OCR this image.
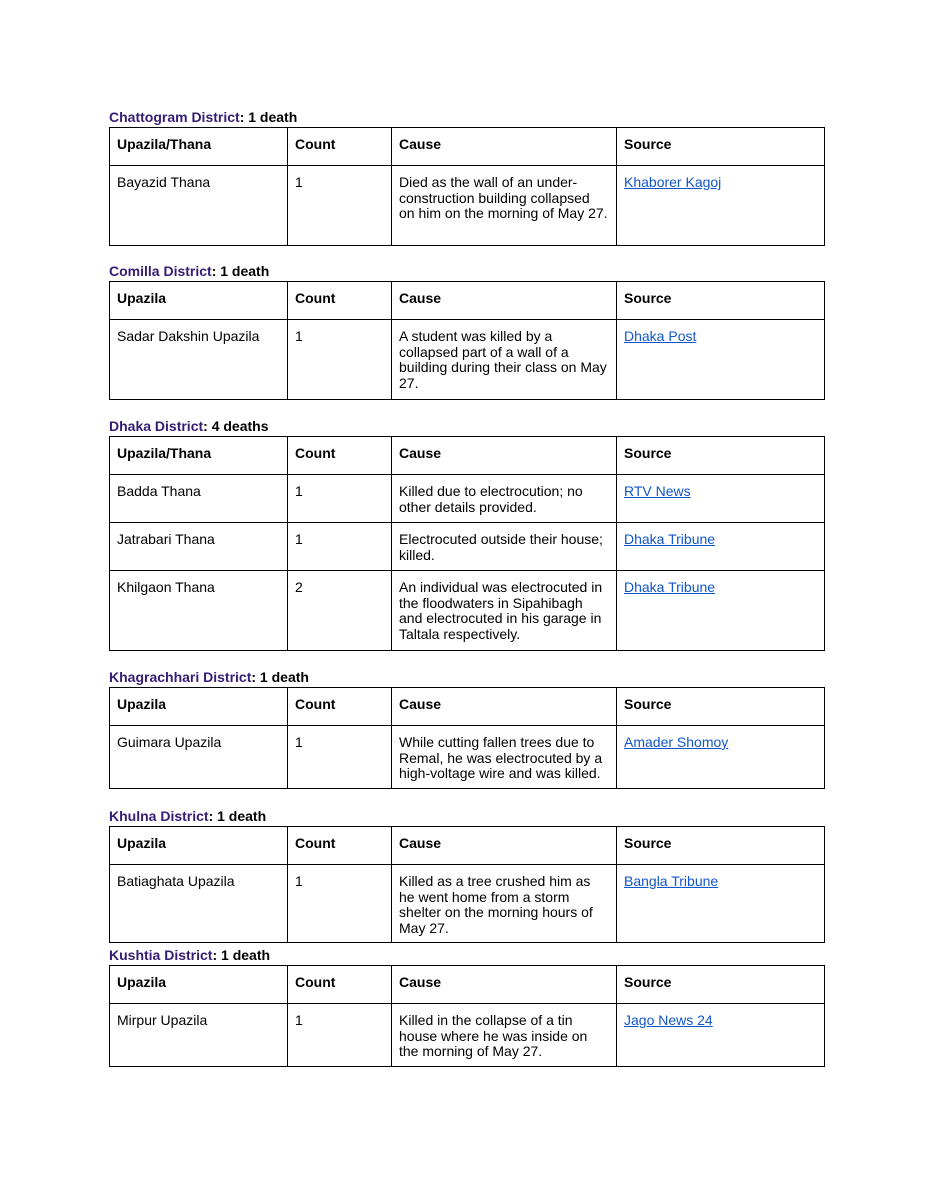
Chattogram District: 1 death
Upazila/Thana	Count	Cause	Source
Bayazid Thana	1	Died as the wall of an under-construction building collapsed on him on the morning of May 27.	Khaborer Kagoj
Comilla District: 1 death
Upazila	Count	Cause	Source
Sadar Dakshin Upazila	1	A student was killed by a collapsed part of a wall of a building during their class on May 27.	Dhaka Post
Dhaka District: 4 deaths
Upazila/Thana	Count	Cause	Source
Badda Thana	1	Killed due to electrocution; no other details provided.	RTV News
Jatrabari Thana	1	Electrocuted outside their house; killed.	Dhaka Tribune
Khilgaon Thana	2	An individual was electrocuted in the floodwaters in Sipahibagh and electrocuted in his garage in Taltala respectively.	Dhaka Tribune
Khagrachhari District: 1 death
Upazila	Count	Cause	Source
Guimara Upazila	1	While cutting fallen trees due to Remal, he was electrocuted by a high-voltage wire and was killed.	Amader Shomoy
Khulna District: 1 death
Upazila	Count	Cause	Source
Batiaghata Upazila	1	Killed as a tree crushed him as he went home from a storm shelter on the morning hours of May 27.	Bangla Tribune
Kushtia District: 1 death
Upazila	Count	Cause	Source
Mirpur Upazila	1	Killed in the collapse of a tin house where he was inside on the morning of May 27.	Jago News 24
